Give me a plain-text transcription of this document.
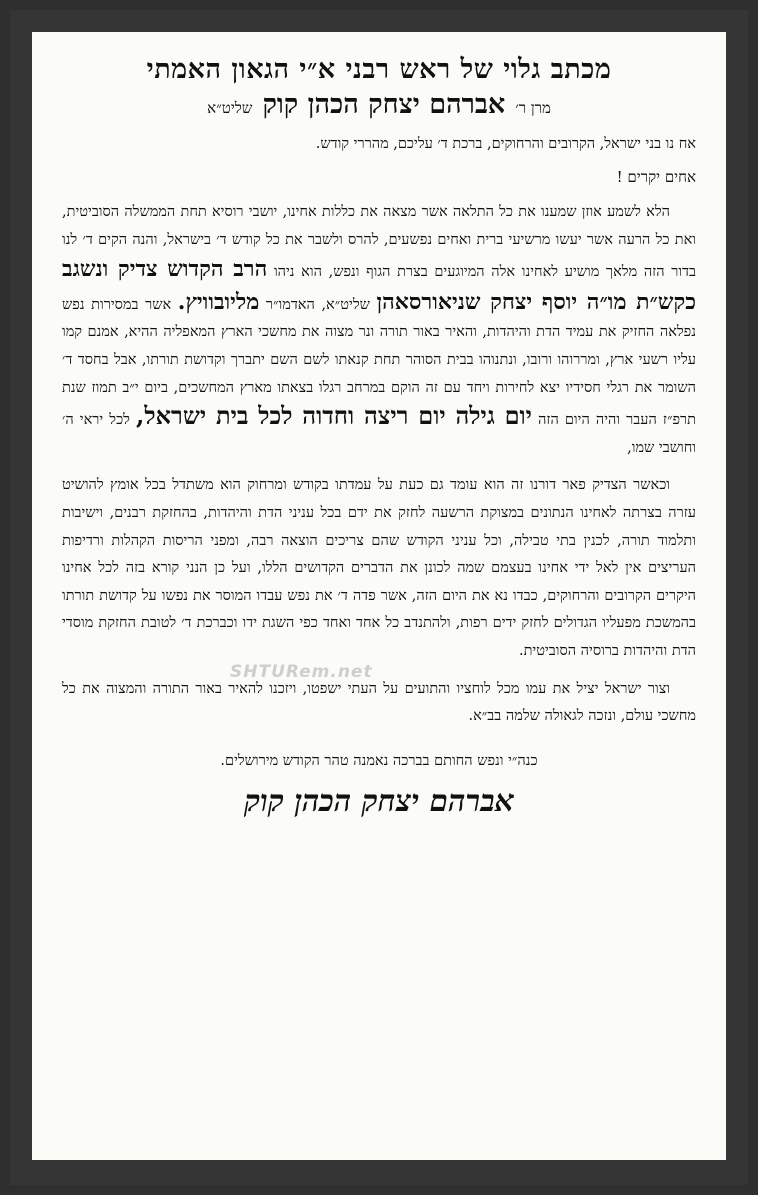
מכתב גלוי של ראש רבני א״י הגאון האמתי
מרן ר׳
אברהם יצחק הכהן קוק
שליט״א
אח נו בני ישראל, הקרובים והרחוקים, ברכת ד׳ עליכם, מהררי קודש.
אחים יקרים !
הלא לשמע אוזן שמענו את כל התלאה אשר מצאה את כללות אחינו, יושבי רוסיא תחת הממשלה הסוביטית, ואת כל הרעה אשר יעשו מרשיעי ברית ואחים נפשעים, להרס ולשבר את כל קודש ד׳ בישראל, והנה הקים ד׳ לנו בדור הזה מלאך מושיע לאחינו אלה המיוגעים בצרת הגוף ונפש, הוא ניהו הרב הקדוש צדיק ונשגב כקש״ת מו״ה יוסף יצחק שניאורסאהן שליט״א, האדמו״ר מליובוויץ. אשר במסירות נפש נפלאה החזיק את עמיד הדת והיהדות, והאיר באור תורה ונר מצוה את מחשכי הארץ המאפליה ההיא, אמנם קמו עליו רשעי ארץ, ומררוהו ורובו, ונתנוהו בבית הסוהר תחת קנאתו לשם השם יתברך וקדושת תורתו, אבל בחסד ד׳ השומר את רגלי חסידיו יצא לחירות ויחד עם זה הוקם במרחב רגלו בצאתו מארץ המחשכים, ביום י״ב תמוז שנת תרפ״ז העבר והיה היום הזה יום גילה יום ריצה וחדוה לכל בית ישראל, לכל יראי ה׳ וחושבי שמו,
וכאשר הצדיק פאר דורנו זה הוא עומד גם כעת על עמדתו בקודש ומרחוק הוא משתדל בכל אומץ להושיט עזרה בצרתה לאחינו הנתונים במצוקת הרשעה לחזק את ידם בכל עניני הדת והיהדות, בהחזקת רבנים, וישיבות ותלמוד תורה, לכנין בתי טבילה, וכל עניני הקודש שהם צריכים הוצאה רבה, ומפני הריסות הקהלות ורדיפות העריצים אין לאל ידי אחינו בעצמם שמה לכונן את הדברים הקדושים הללו, ועל כן הנני קורא בזה לכל אחינו היקרים הקרובים והרחוקים, כבדו נא את היום הזה, אשר פדה ד׳ את נפש עבדו המוסר את נפשו על קדושת תורתו בהמשכת מפעליו הגדולים לחזק ידים רפות, ולהתנדב כל אחד ואחד כפי השגת ידו וכברכת ד׳ לטובת החזקת מוסדי הדת והיהדות ברוסיה הסוביטית.
וצור ישראל יציל את עמו מכל לוחציו והתועים על העתי ישפטו, ויזכנו להאיר באור התורה והמצוה את כל מחשכי עולם, ונזכה לגאולה שלמה בב״א.
כנה״י ונפש החותם בברכה נאמנה טהר הקודש מירושלים.
אברהם יצחק הכהן קוק
SHTURem.net
